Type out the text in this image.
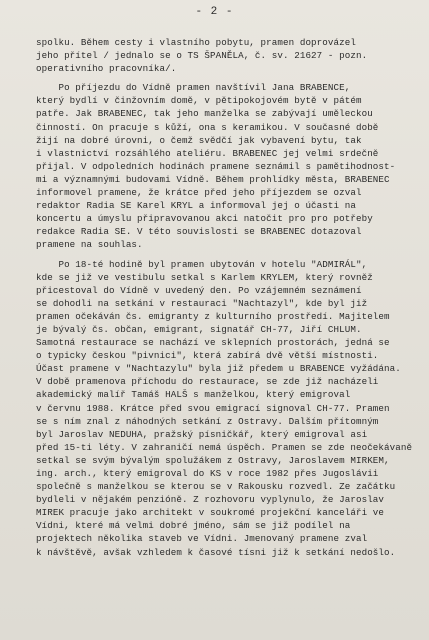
- 2 -
spolku. Během cesty i vlastního pobytu, pramen doprovázel
jeho přítel / jednalo se o TS ŠPANĚLA, č. sv. 21627 - pozn.
operativního pracovníka/.
Po příjezdu do Vídně pramen navštívil Jana BRABENCE,
který bydlí v činžovním domě, v pětipokojovém bytě v pátém
patře. Jak BRABENEC, tak jeho manželka se zabývají uměleckou
činností. On pracuje s kůží, ona s keramikou. V současné době
žijí na dobré úrovni, o čemž svědčí jak vybavení bytu, tak
i vlastnictví rozsáhlého ateliéru. BRABENEC jej velmi srdečně
přijal. V odpoledních hodinách pramene seznámil s pamětihodnost-
mi a významnými budovami Vídně. Během prohlídky města, BRABENEC
informovel pramene, že krátce před jeho příjezdem se ozval
redaktor Radia SE Karel KRYL a informoval jej o účasti na
koncertu a úmyslu připravovanou akci natočit pro pro potřeby
redakce Radia SE. V této souvislosti se BRABENEC dotazoval
pramene na souhlas.
Po 18-té hodině byl pramen ubytován v hotelu "ADMIRÁL",
kde se již ve vestibulu setkal s Karlem KRYLEM, který rovněž
přicestoval do Vídně v uvedený den. Po vzájemném seznámení
se dohodli na setkání v restauraci "Nachtazyl", kde byl již
pramen očekáván čs. emigranty z kulturního prostředí. Majitelem
je bývalý čs. občan, emigrant, signatář CH-77, Jiří CHLUM.
Samotná restaurace se nachází ve sklepních prostorách, jedná se
o typicky českou "pivnici", která zabírá dvě větší místnosti.
Účast pramene v "Nachtazylu" byla již předem u BRABENCE vyžádána.
V době pramenova příchodu do restaurace, se zde již nacházeli
akademický malíř Tamáš HALŠ s manželkou, který emigroval
v červnu 1988. Krátce před svou emigrací signoval CH-77. Pramen
se s ním znal z náhodných setkání z Ostravy. Dalším přítomným
byl Jaroslav NEDUHA, pražský písničkář, který emigroval asi
před 15-ti léty. V zahraničí nemá úspěch. Pramen se zde neočekávaně
setkal se svým bývalým spolužákem z Ostravy, Jaroslavem MIRKEM,
ing. arch., který emigroval do KS v roce 1982 přes Jugoslávii
společně s manželkou se kterou se v Rakousku rozvedl. Ze začátku
bydleli v nějakém penzióně. Z rozhovoru vyplynulo, že Jaroslav
MIREK pracuje jako architekt v soukromé projekční kanceláři ve
Vídni, které má velmi dobré jméno, sám se již podílel na
projektech několika staveb ve Vídni. Jmenovaný pramene zval
k návštěvě, avšak vzhledem k časové tísni již k setkání nedošlo.
